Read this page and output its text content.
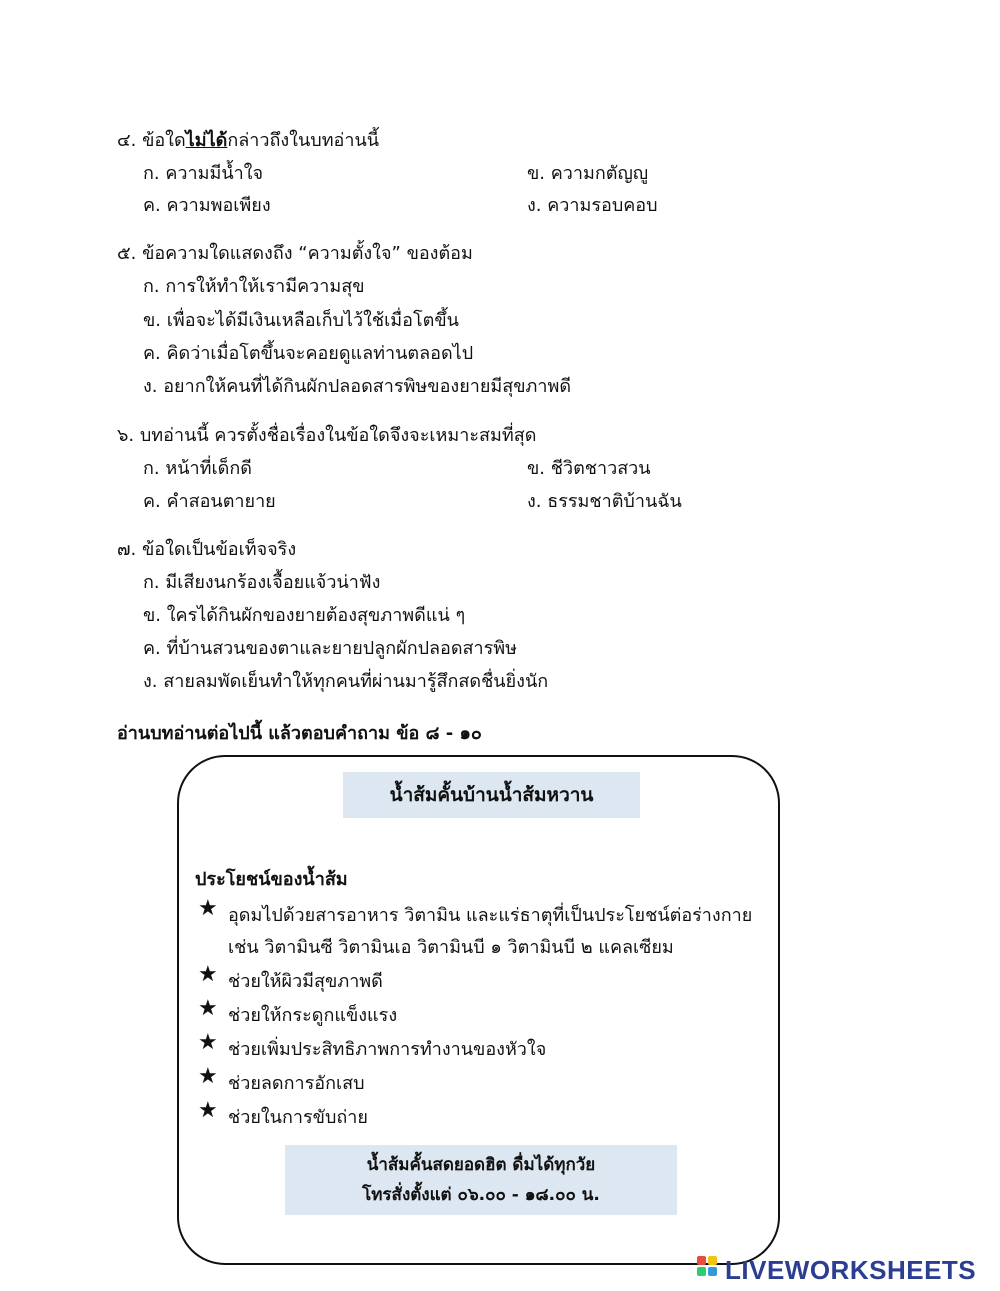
๔. ข้อใดไม่ได้กล่าวถึงในบทอ่านนี้
ก. ความมีน้ำใจ	ข. ความกตัญญู
ค. ความพอเพียง	ง. ความรอบคอบ
๕. ข้อความใดแสดงถึง “ความตั้งใจ” ของต้อม
ก. การให้ทำให้เรามีความสุข
ข. เพื่อจะได้มีเงินเหลือเก็บไว้ใช้เมื่อโตขึ้น
ค. คิดว่าเมื่อโตขึ้นจะคอยดูแลท่านตลอดไป
ง. อยากให้คนที่ได้กินผักปลอดสารพิษของยายมีสุขภาพดี
๖. บทอ่านนี้ ควรตั้งชื่อเรื่องในข้อใดจึงจะเหมาะสมที่สุด
ก. หน้าที่เด็กดี	ข. ชีวิตชาวสวน
ค. คำสอนตายาย	ง. ธรรมชาติบ้านฉัน
๗. ข้อใดเป็นข้อเท็จจริง
ก. มีเสียงนกร้องเจื้อยแจ้วน่าฟัง
ข. ใครได้กินผักของยายต้องสุขภาพดีแน่ ๆ
ค. ที่บ้านสวนของตาและยายปลูกผักปลอดสารพิษ
ง. สายลมพัดเย็นทำให้ทุกคนที่ผ่านมารู้สึกสดชื่นยิ่งนัก
อ่านบทอ่านต่อไปนี้ แล้วตอบคำถาม ข้อ ๘ - ๑๐
น้ำส้มคั้นบ้านน้ำส้มหวาน
ประโยชน์ของน้ำส้ม
★ อุดมไปด้วยสารอาหาร วิตามิน และแร่ธาตุที่เป็นประโยชน์ต่อร่างกาย
เช่น วิตามินซี วิตามินเอ วิตามินบี ๑ วิตามินบี ๒ แคลเซียม
★ ช่วยให้ผิวมีสุขภาพดี
★ ช่วยให้กระดูกแข็งแรง
★ ช่วยเพิ่มประสิทธิภาพการทำงานของหัวใจ
★ ช่วยลดการอักเสบ
★ ช่วยในการขับถ่าย
น้ำส้มคั้นสดยอดฮิต ดื่มได้ทุกวัย
โทรสั่งตั้งแต่ ๐๖.๐๐ - ๑๘.๐๐ น.
LIVEWORKSHEETS
